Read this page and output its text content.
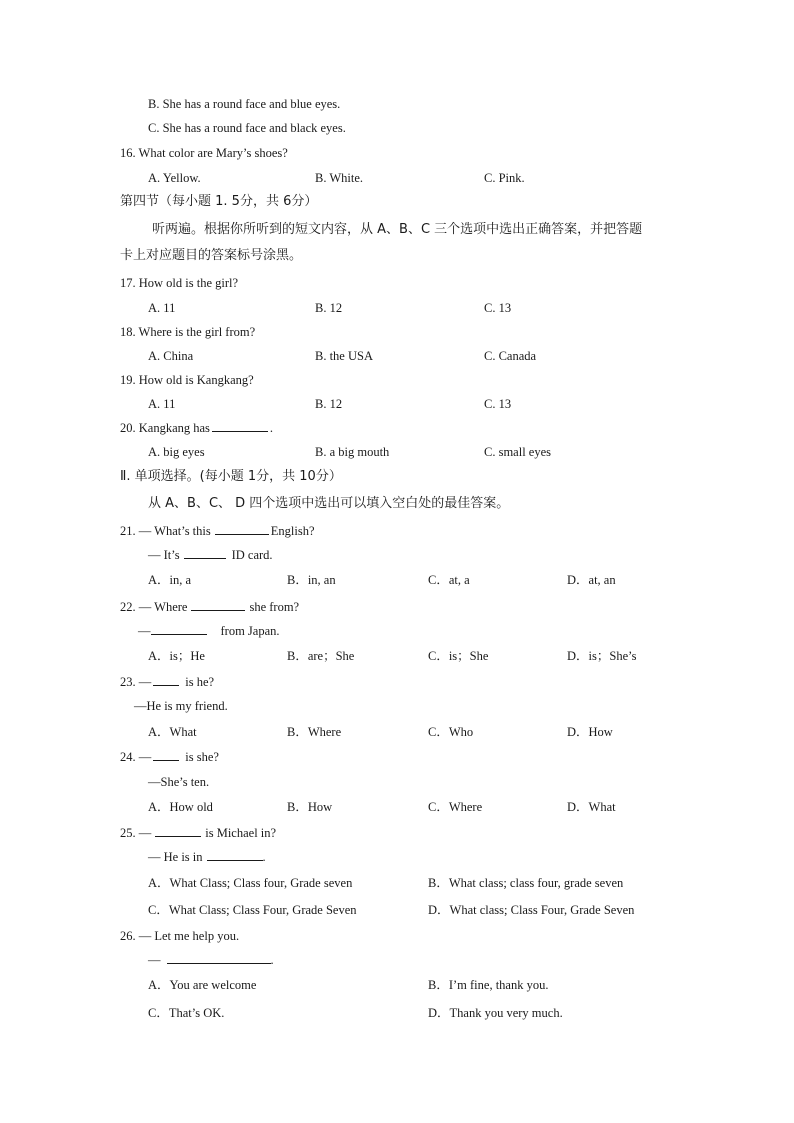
B. She has a round face and blue eyes.
C. She has a round face and black eyes.
16. What color are Mary’s shoes?
A. Yellow.	B. White.	C. Pink.
第四节（每小题 1. 5分，共 6分）
听两遍。根据你所听到的短文内容，从 A、B、C 三个选项中选出正确答案，并把答题
卡上对应题目的答案标号涂黑。
17. How old is the girl?
A. 11	B. 12	C. 13
18. Where is the girl from?
A. China	B. the USA	C. Canada
19. How old is Kangkang?
A. 11	B. 12	C. 13
20. Kangkang has	.
A. big eyes	B. a big mouth	C. small eyes
Ⅱ. 单项选择。(每小题 1分，共 10分）
从 A、B、C、 D 四个选项中选出可以填入空白处的最佳答案。
21. — What’s this	English?
— It’s	ID card.
A．in, a	B．in, an	C．at, a	D．at, an
22. — Where	she from?
—	from Japan.
A．is；He	B．are；She	C．is；She	D．is；She’s
23. —	is he?
—He is my friend.
A．What	B．Where	C．Who	D．How
24. —	is she?
—She’s ten.
A．How old	B．How	C．Where	D．What
25. —	is Michael in?
— He is in	.
A．What Class; Class four, Grade seven	B．What class; class four, grade seven
C．What Class; Class Four, Grade Seven	D．What class; Class Four, Grade Seven
26. — Let me help you.
—	.
A．You are welcome	B．I’m fine, thank you.
C．That’s OK.	D．Thank you very much.
